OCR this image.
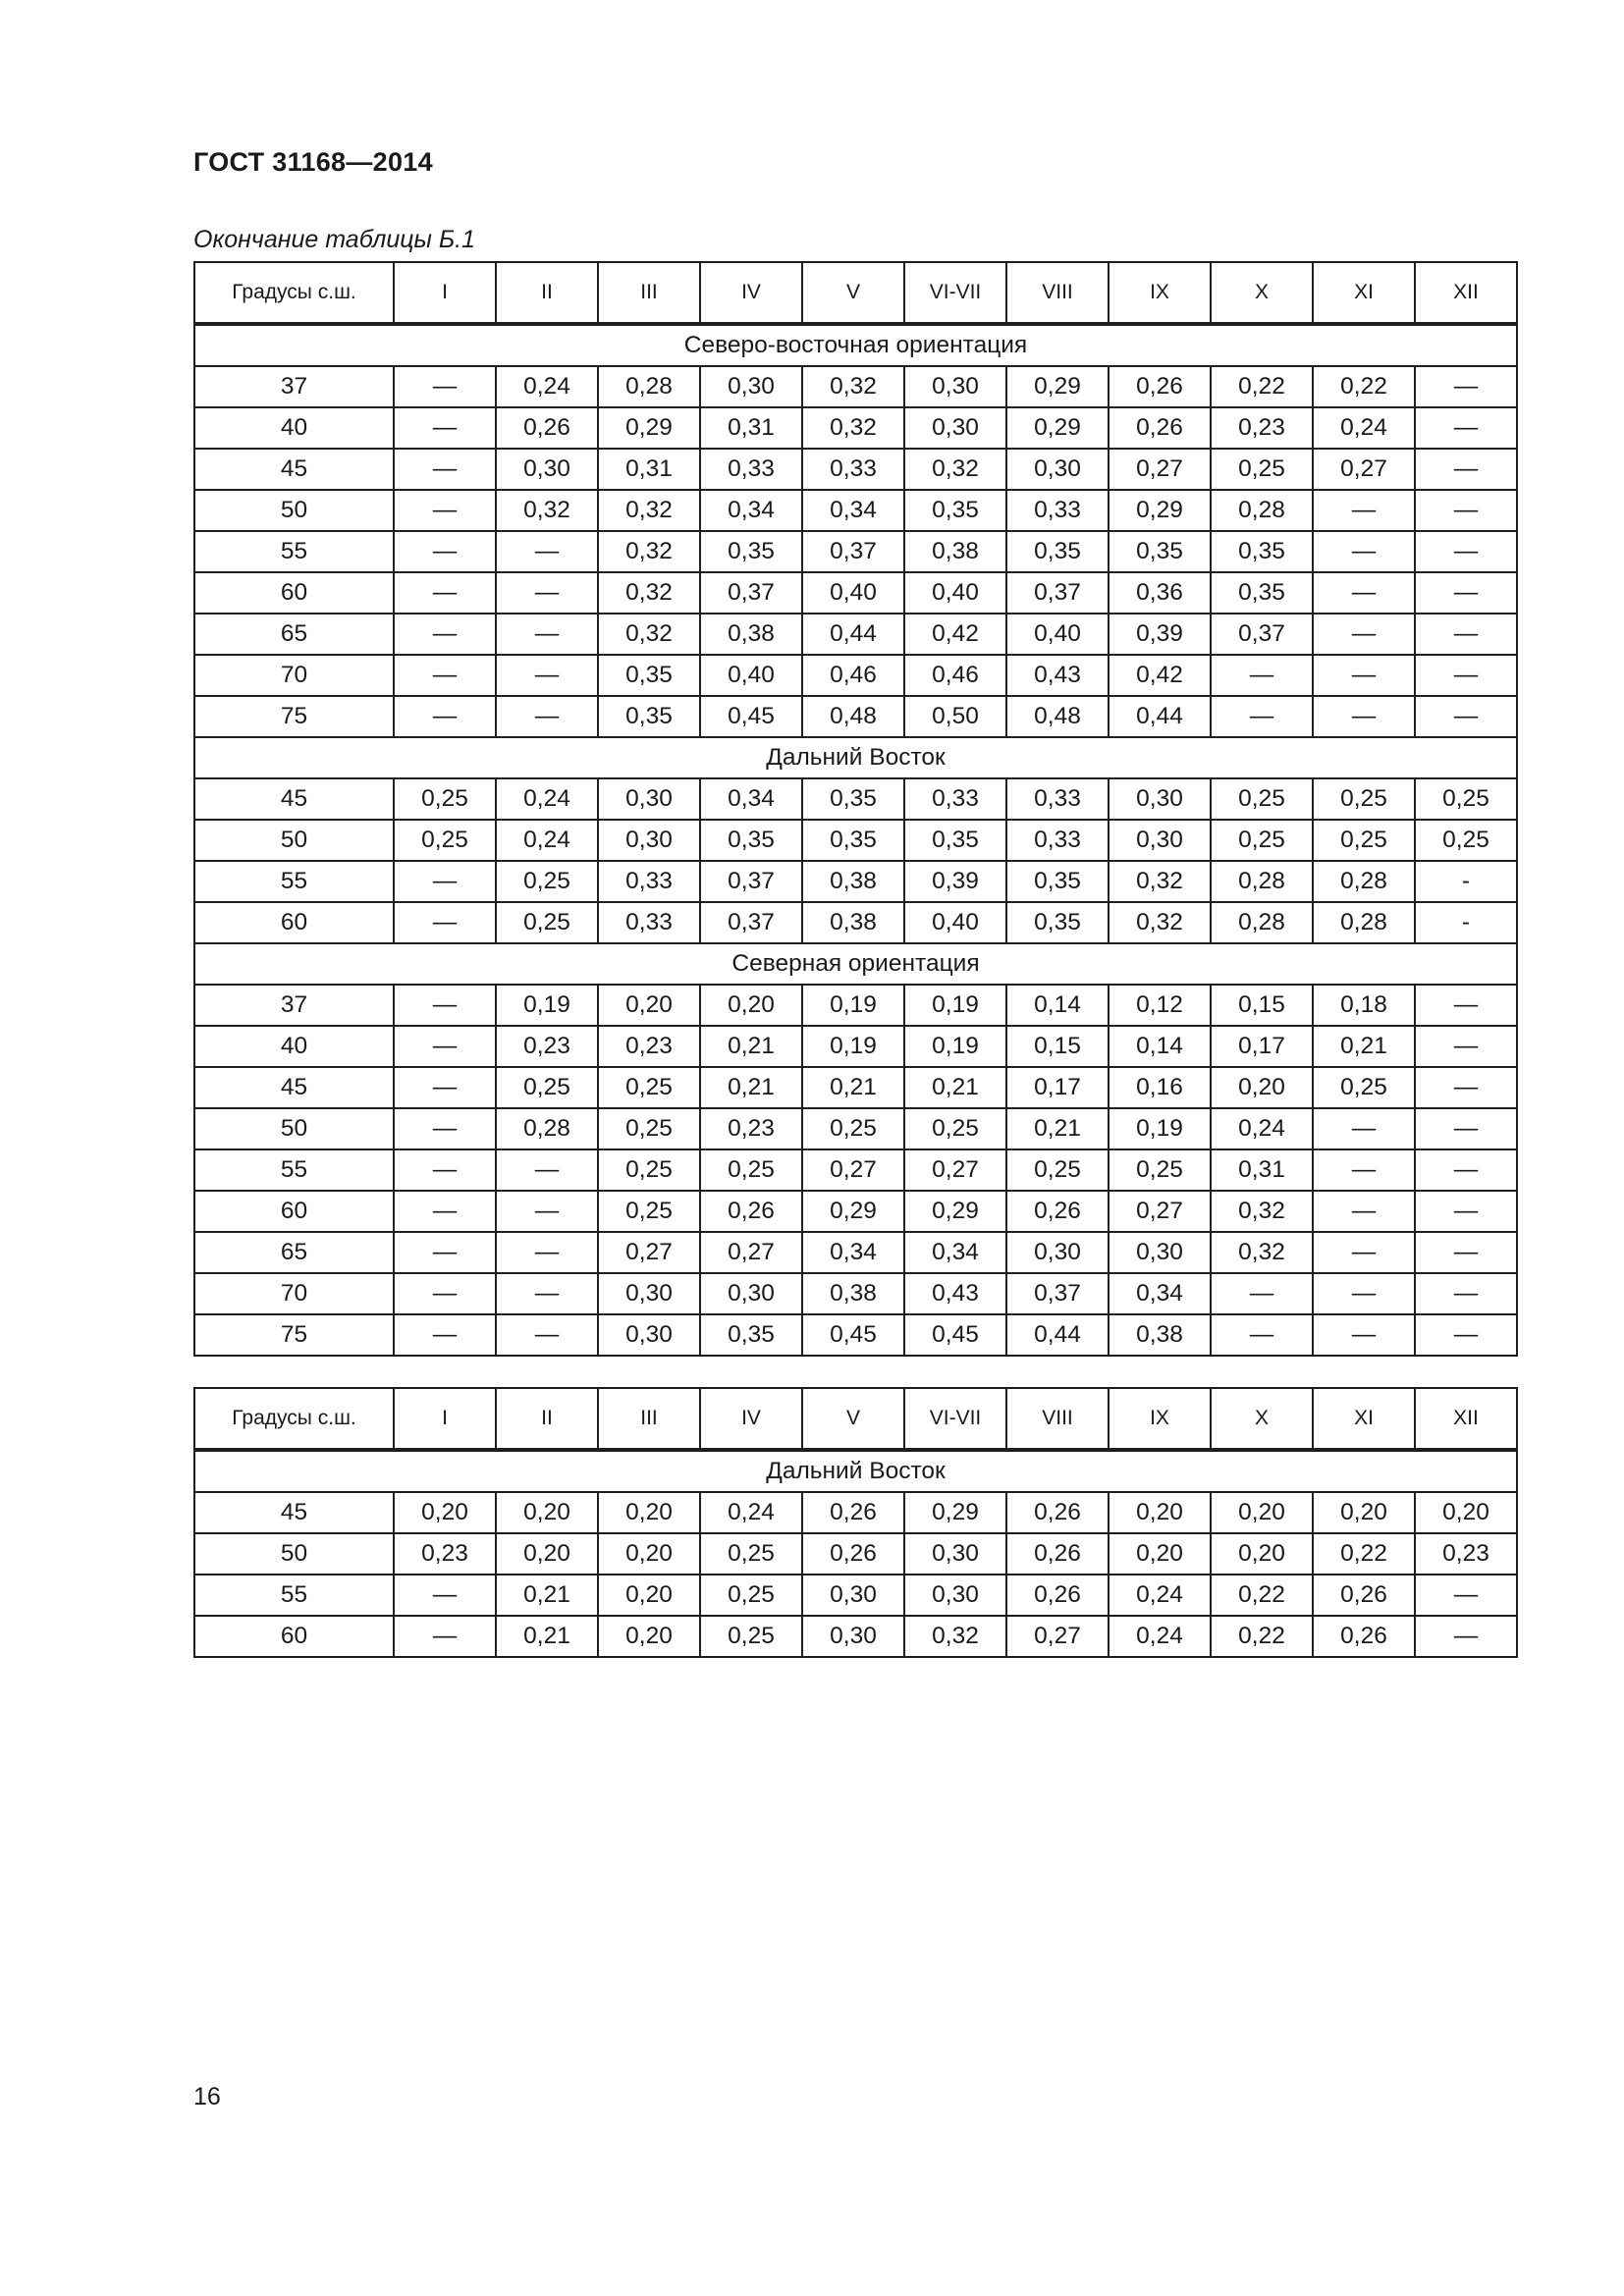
ГОСТ 31168—2014
Окончание таблицы Б.1
Градусы с.ш.	I	II	III	IV	V	VI-VII	VIII	IX	X	XI	XII
Северо-восточная ориентация											
37	—	0,24	0,28	0,30	0,32	0,30	0,29	0,26	0,22	0,22	—
40	—	0,26	0,29	0,31	0,32	0,30	0,29	0,26	0,23	0,24	—
45	—	0,30	0,31	0,33	0,33	0,32	0,30	0,27	0,25	0,27	—
50	—	0,32	0,32	0,34	0,34	0,35	0,33	0,29	0,28	—	—
55	—	—	0,32	0,35	0,37	0,38	0,35	0,35	0,35	—	—
60	—	—	0,32	0,37	0,40	0,40	0,37	0,36	0,35	—	—
65	—	—	0,32	0,38	0,44	0,42	0,40	0,39	0,37	—	—
70	—	—	0,35	0,40	0,46	0,46	0,43	0,42	—	—	—
75	—	—	0,35	0,45	0,48	0,50	0,48	0,44	—	—	—
Дальний Восток											
45	0,25	0,24	0,30	0,34	0,35	0,33	0,33	0,30	0,25	0,25	0,25
50	0,25	0,24	0,30	0,35	0,35	0,35	0,33	0,30	0,25	0,25	0,25
55	—	0,25	0,33	0,37	0,38	0,39	0,35	0,32	0,28	0,28	-
60	—	0,25	0,33	0,37	0,38	0,40	0,35	0,32	0,28	0,28	-
Северная ориентация											
37	—	0,19	0,20	0,20	0,19	0,19	0,14	0,12	0,15	0,18	—
40	—	0,23	0,23	0,21	0,19	0,19	0,15	0,14	0,17	0,21	—
45	—	0,25	0,25	0,21	0,21	0,21	0,17	0,16	0,20	0,25	—
50	—	0,28	0,25	0,23	0,25	0,25	0,21	0,19	0,24	—	—
55	—	—	0,25	0,25	0,27	0,27	0,25	0,25	0,31	—	—
60	—	—	0,25	0,26	0,29	0,29	0,26	0,27	0,32	—	—
65	—	—	0,27	0,27	0,34	0,34	0,30	0,30	0,32	—	—
70	—	—	0,30	0,30	0,38	0,43	0,37	0,34	—	—	—
75	—	—	0,30	0,35	0,45	0,45	0,44	0,38	—	—	—
Градусы с.ш.	I	II	III	IV	V	VI-VII	VIII	IX	X	XI	XII
Дальний Восток											
45	0,20	0,20	0,20	0,24	0,26	0,29	0,26	0,20	0,20	0,20	0,20
50	0,23	0,20	0,20	0,25	0,26	0,30	0,26	0,20	0,20	0,22	0,23
55	—	0,21	0,20	0,25	0,30	0,30	0,26	0,24	0,22	0,26	—
60	—	0,21	0,20	0,25	0,30	0,32	0,27	0,24	0,22	0,26	—
16
